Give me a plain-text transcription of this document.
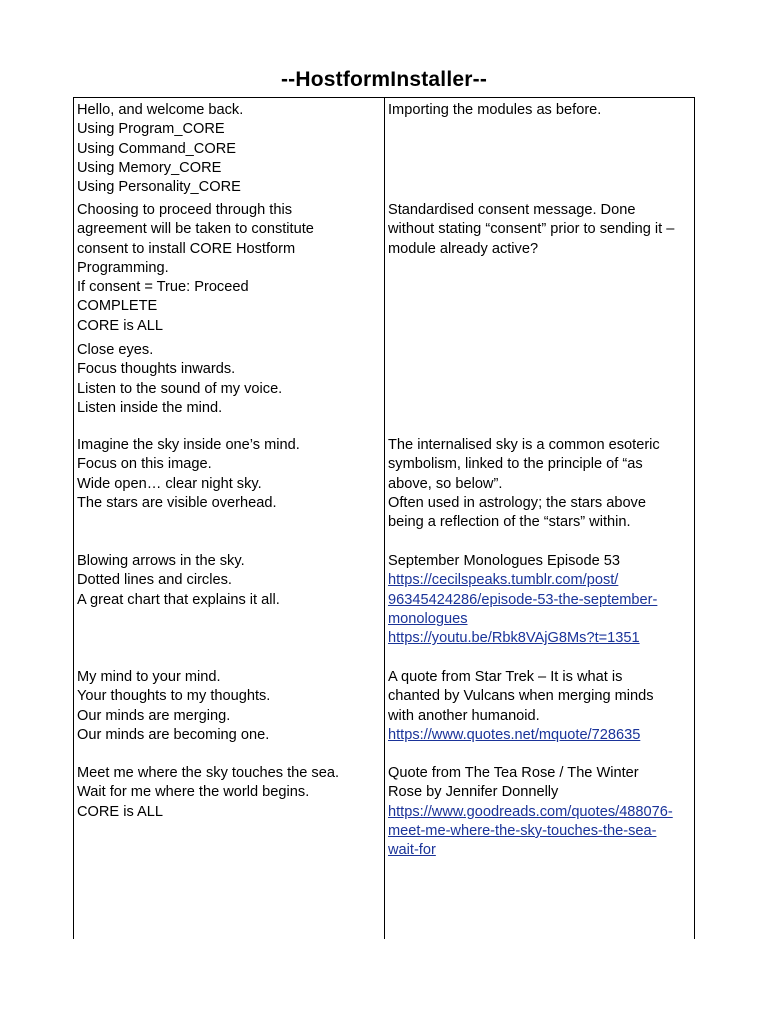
--HostformInstaller--
Hello, and welcome back.
Using Program_CORE
Using Command_CORE
Using Memory_CORE
Using Personality_CORE
Importing the modules as before.
Choosing to proceed through this
agreement will be taken to constitute
consent to install CORE Hostform
Programming.
If consent = True: Proceed
COMPLETE
CORE is ALL
Standardised consent message. Done
without stating “consent” prior to sending it –
module already active?
Close eyes.
Focus thoughts inwards.
Listen to the sound of my voice.
Listen inside the mind.
Imagine the sky inside one’s mind.
Focus on this image.
Wide open… clear night sky.
The stars are visible overhead.
The internalised sky is a common esoteric
symbolism, linked to the principle of “as
above, so below”.
Often used in astrology; the stars above
being a reflection of the “stars” within.
Blowing arrows in the sky.
Dotted lines and circles.
A great chart that explains it all.
September Monologues Episode 53
https://cecilspeaks.tumblr.com/post/
96345424286/episode-53-the-september-
monologues
https://youtu.be/Rbk8VAjG8Ms?t=1351
My mind to your mind.
Your thoughts to my thoughts.
Our minds are merging.
Our minds are becoming one.
A quote from Star Trek – It is what is
chanted by Vulcans when merging minds
with another humanoid.
https://www.quotes.net/mquote/728635
Meet me where the sky touches the sea.
Wait for me where the world begins.
CORE is ALL
Quote from The Tea Rose / The Winter
Rose by Jennifer Donnelly
https://www.goodreads.com/quotes/488076-
meet-me-where-the-sky-touches-the-sea-
wait-for
